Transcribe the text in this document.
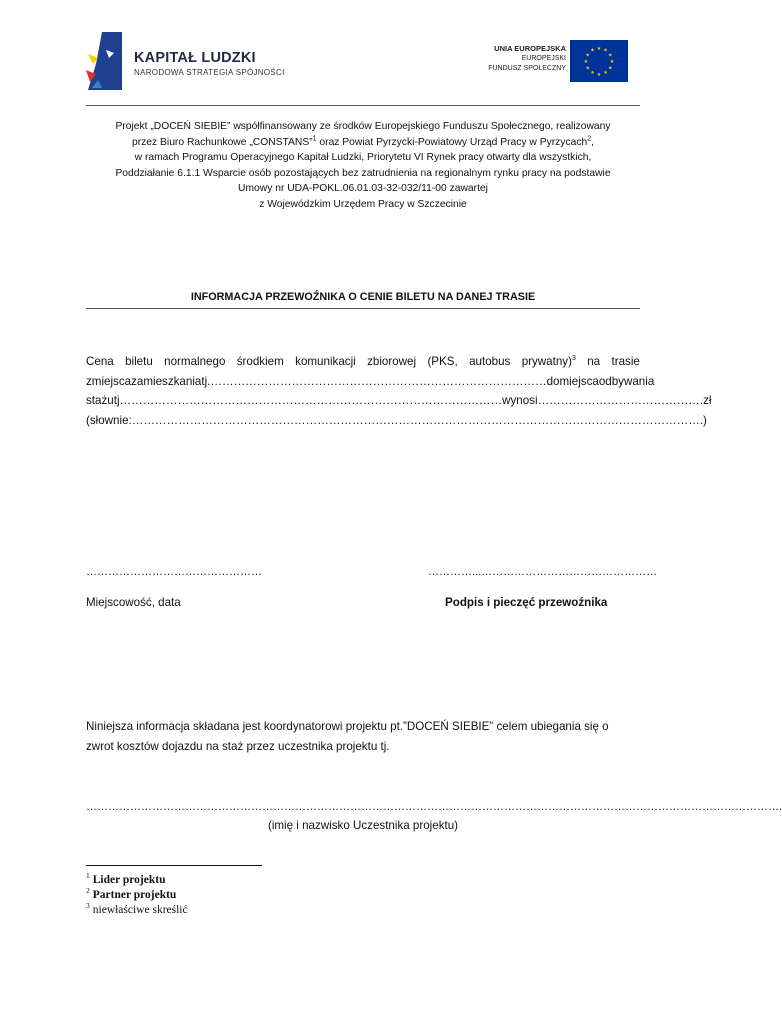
KAPITAŁ LUDZKI
NARODOWA STRATEGIA SPÓJNOŚCI
UNIA EUROPEJSKA
EUROPEJSKI
FUNDUSZ SPOŁECZNY
★ ★
★
★
★
★
★
★
★
★
★
★
Projekt „DOCEŃ SIEBIE” współfinansowany ze środków Europejskiego Funduszu Społecznego, realizowany
przez Biuro Rachunkowe „CONSTANS”$^1$ oraz Powiat Pyrzycki-Powiatowy Urząd Pracy w Pyrzycach$^2$,
w ramach Programu Operacyjnego Kapitał Ludzki, Priorytetu VI Rynek pracy otwarty dla wszystkich,
Poddziałanie 6.1.1 Wsparcie osób pozostających bez zatrudnienia na regionalnym rynku pracy na podstawie
Umowy nr UDA-POKL.06.01.03-32-032/11-00 zawartej
z Wojewódzkim Urzędem Pracy w Szczecinie
INFORMACJA PRZEWOŹNIKA O CENIE BILETU NA DANEJ TRASIE
Cena biletu normalnego środkiem komunikacji zbiorowej (PKS, autobus prywatny)$^3$ na trasie
z miejsca zamieszkania tj. ……………………………………………………………………………do miejsca odbywania
stażu tj……………………………………………………………………………………… wynosi …………………………………….zł
(słownie:………………………………………………………………………………………………………………………………….)
…………………………………………	…………...…………………………………………
Miejscowość, data	Podpis i pieczęć przewoźnika
Niniejsza informacja składana jest koordynatorowi projektu pt.”DOCEŃ SIEBIE” celem ubiegania się o
zwrot kosztów dojazdu na staż przez uczestnika projektu tj.
……………………………………………………………………………………………………………………………………………………………………….
(imię i nazwisko Uczestnika projektu)
$^1$ Lider projektu
$^2$ Partner projektu
$^3$ niewłaściwe skreślić
